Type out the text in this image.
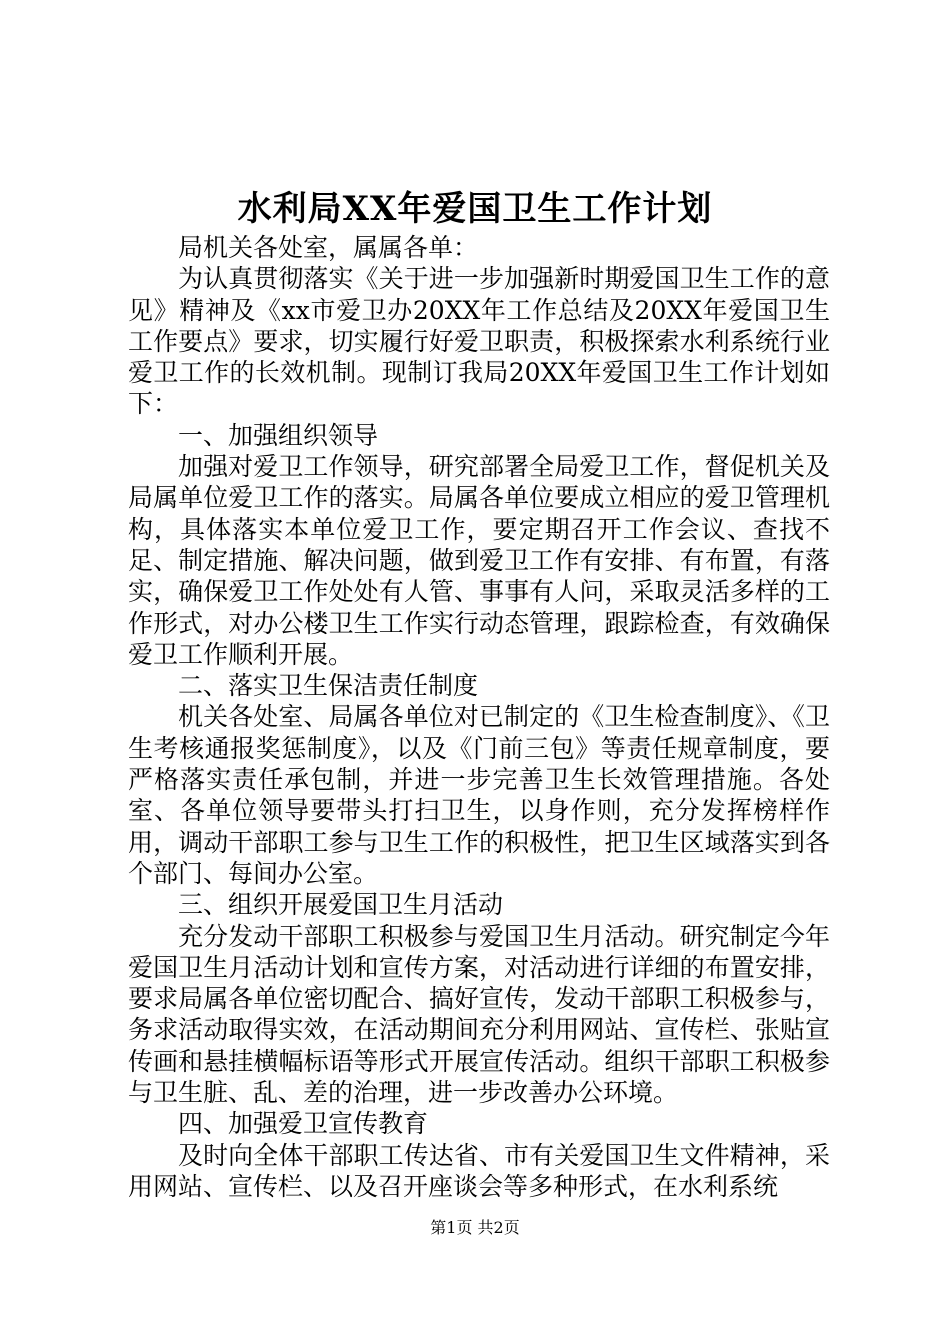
水利局XX年爱国卫生工作计划

局机关各处室，属属各单：

为认真贯彻落实《关于进一步加强新时期爱国卫生工作的意见》精神及《xx市爱卫办20XX年工作总结及20XX年爱国卫生工作要点》要求，切实履行好爱卫职责，积极探索水利系统行业爱卫工作的长效机制。现制订我局20XX年爱国卫生工作计划如下：

一、加强组织领导

加强对爱卫工作领导，研究部署全局爱卫工作，督促机关及局属单位爱卫工作的落实。局属各单位要成立相应的爱卫管理机构，具体落实本单位爱卫工作，要定期召开工作会议、查找不足、制定措施、解决问题，做到爱卫工作有安排、有布置，有落实，确保爱卫工作处处有人管、事事有人问，采取灵活多样的工作形式，对办公楼卫生工作实行动态管理，跟踪检查，有效确保爱卫工作顺利开展。

二、落实卫生保洁责任制度

机关各处室、局属各单位对已制定的《卫生检查制度》、《卫生考核通报奖惩制度》，以及《门前三包》等责任规章制度，要严格落实责任承包制，并进一步完善卫生长效管理措施。各处室、各单位领导要带头打扫卫生，以身作则，充分发挥榜样作用，调动干部职工参与卫生工作的积极性，把卫生区域落实到各个部门、每间办公室。

三、组织开展爱国卫生月活动

充分发动干部职工积极参与爱国卫生月活动。研究制定今年爱国卫生月活动计划和宣传方案，对活动进行详细的布置安排，要求局属各单位密切配合、搞好宣传，发动干部职工积极参与，务求活动取得实效，在活动期间充分利用网站、宣传栏、张贴宣传画和悬挂横幅标语等形式开展宣传活动。组织干部职工积极参与卫生脏、乱、差的治理，进一步改善办公环境。

四、加强爱卫宣传教育

及时向全体干部职工传达省、市有关爱国卫生文件精神，采用网站、宣传栏、以及召开座谈会等多种形式，在水利系统

第1页 共2页
